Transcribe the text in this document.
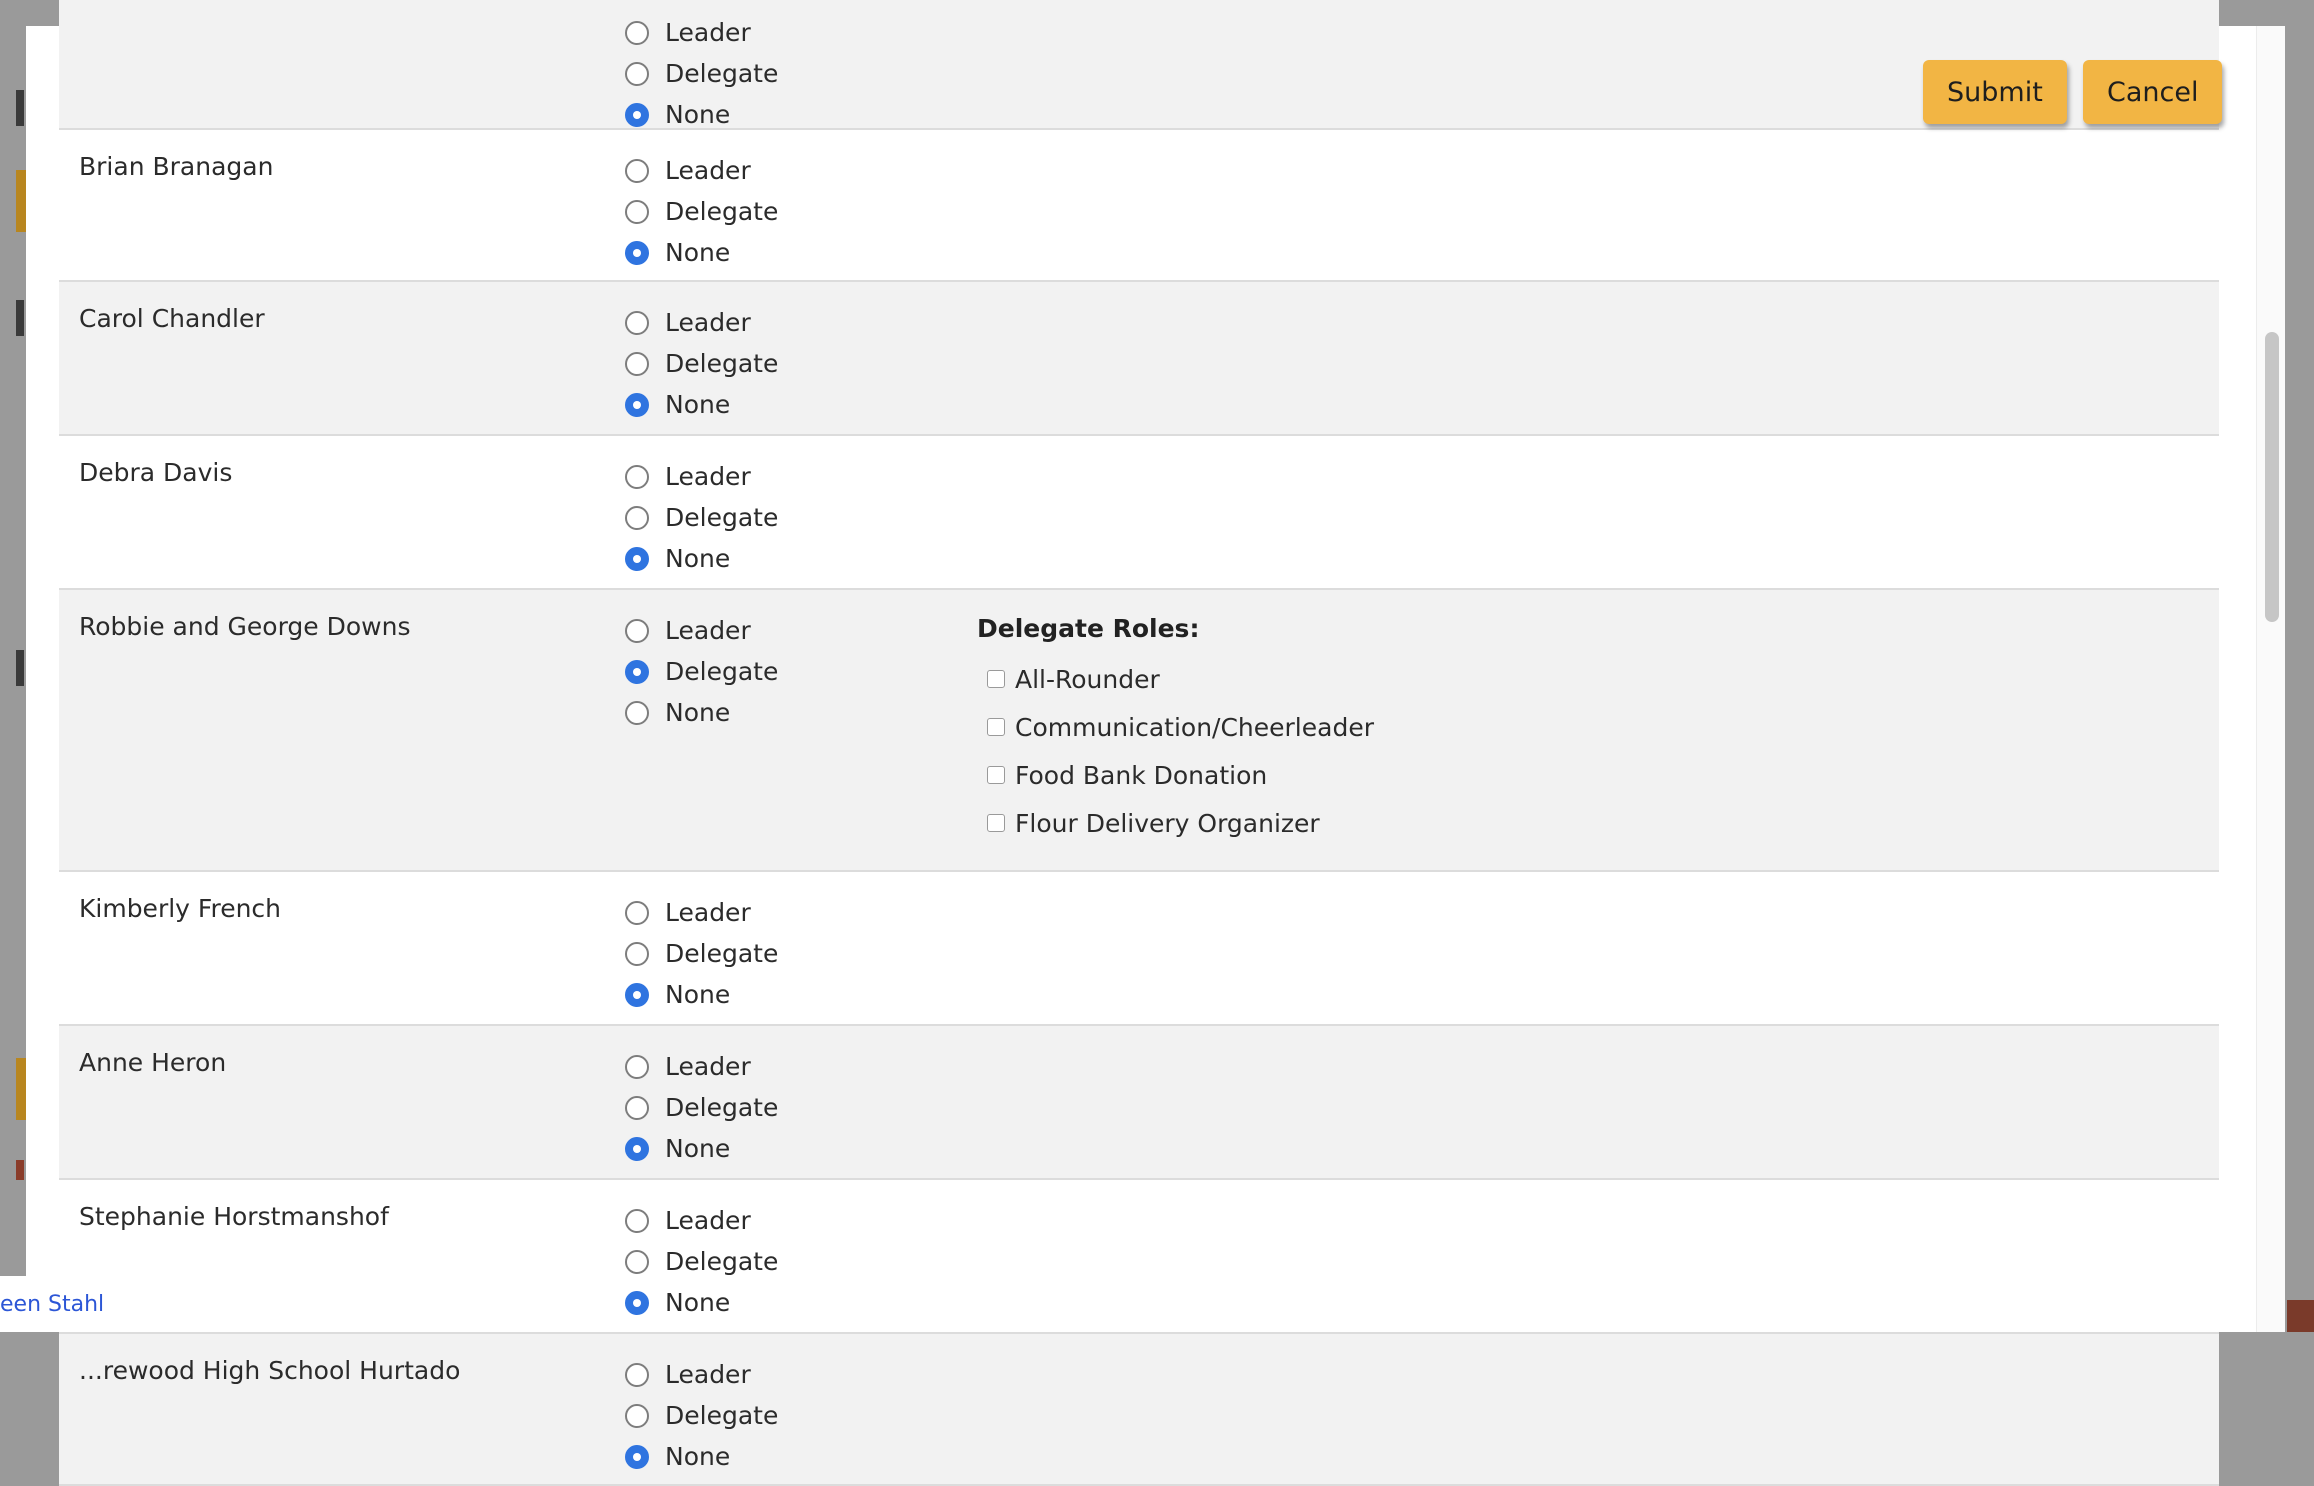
Leader
Delegate
None
Brian Branagan	Leader
Delegate
None
Carol Chandler	Leader
Delegate
None
Debra Davis	Leader
Delegate
None
Robbie and George Downs	Leader
Delegate
None
Delegate Roles:
All-Rounder
Communication/Cheerleader
Food Bank Donation
Flour Delivery Organizer
Kimberly French	Leader
Delegate
None
Anne Heron	Leader
Delegate
None
Stephanie Horstmanshof	Leader
Delegate
None
...rewood High School Hurtado	Leader
Delegate
None
Submit	Cancel
een Stahl
